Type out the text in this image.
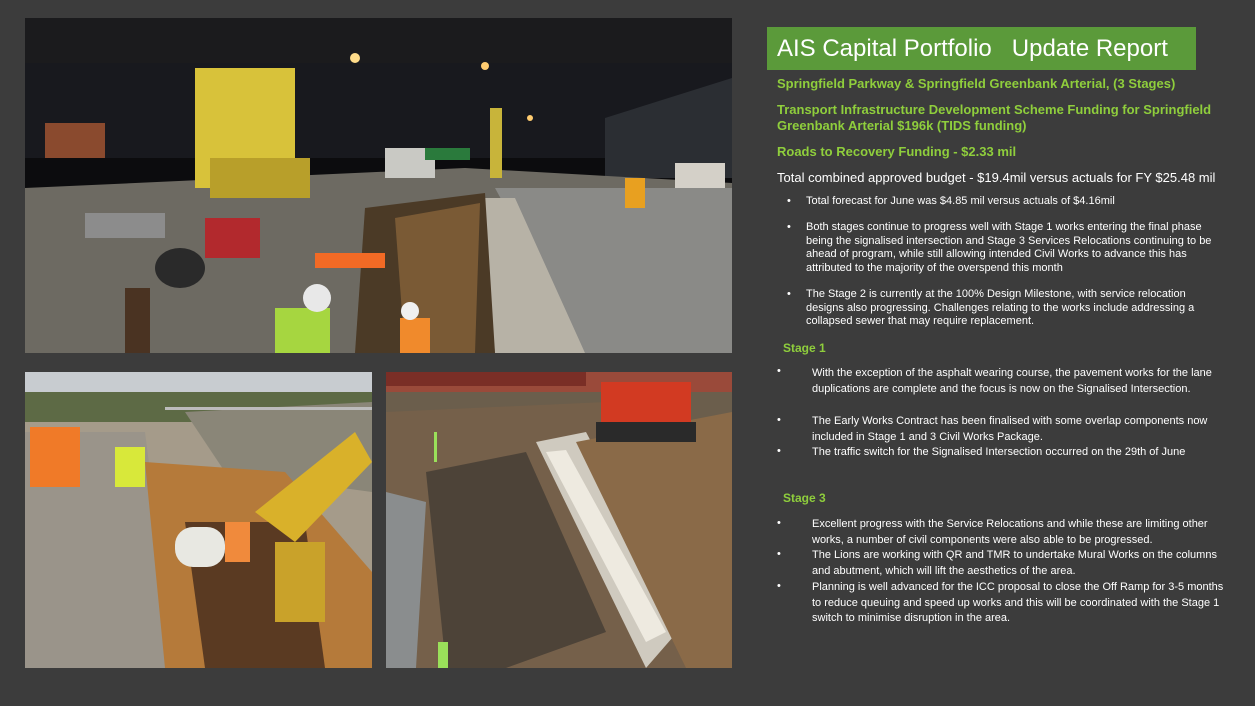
AIS Capital Portfolio   Update Report
Springfield Parkway & Springfield Greenbank Arterial, (3 Stages)
Transport Infrastructure Development Scheme Funding for Springfield Greenbank Arterial $196k (TIDS funding)
Roads to Recovery Funding - $2.33 mil
Total combined approved budget - $19.4mil versus actuals for FY $25.48 mil
• Total forecast for June was $4.85 mil versus actuals of $4.16mil
• Both stages continue to progress well with Stage 1 works entering the final phase being the signalised intersection and Stage 3 Services Relocations continuing to be ahead of program, while still allowing intended Civil Works to advance this has attributed to the majority of the overspend this month
• The Stage 2 is currently at the 100% Design Milestone, with service relocation designs also progressing. Challenges relating to the works include addressing a collapsed sewer that may require replacement.
Stage 1
•	With the exception of the asphalt wearing course, the pavement works for the lane duplications are complete and the focus is now on the Signalised Intersection.
•	The Early Works Contract has been finalised with some overlap components now included in Stage 1 and 3 Civil Works Package.
•	The traffic switch for the Signalised Intersection occurred on the 29th of June
Stage 3
•	Excellent progress with the Service Relocations and while these are limiting other works, a number of civil components were also able to be progressed.
•	The Lions are working with QR and TMR to undertake Mural Works on the columns and abutment, which will lift the aesthetics of the area.
•	Planning is well advanced for the ICC proposal to close the Off Ramp for 3-5 months to reduce queuing and speed up works and this will be coordinated with the Stage 1 switch to minimise disruption in the area.
